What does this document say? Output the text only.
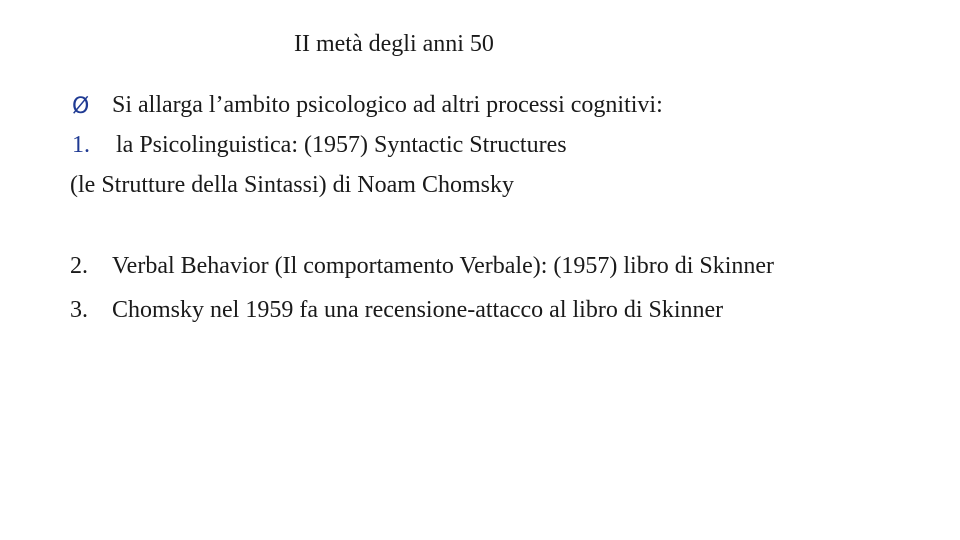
II metà degli anni 50
Ø Si allarga l’ambito psicologico ad altri processi cognitivi:
1. la Psicolinguistica: (1957) Syntactic Structures
(le Strutture della Sintassi) di Noam Chomsky
2. Verbal Behavior (Il comportamento Verbale): (1957) libro di Skinner
3. Chomsky nel 1959 fa una recensione-attacco al libro di Skinner
